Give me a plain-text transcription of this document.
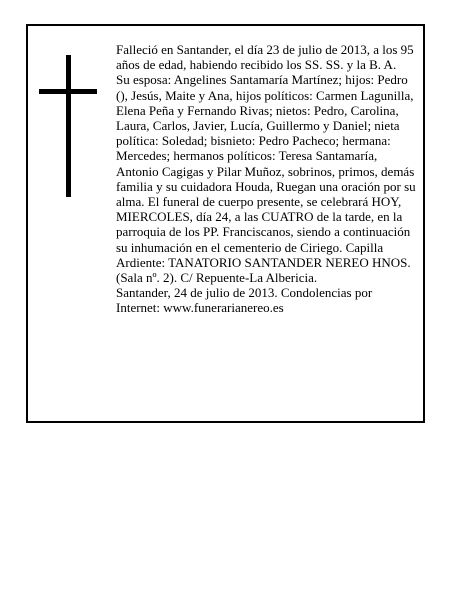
Falleció en Santander, el día 23 de julio de 2013, a los 95 años de edad, habiendo recibido los SS. SS. y la B. A.

Su esposa: Angelines Santamaría Martínez; hijos: Pedro (), Jesús, Maite y Ana, hijos políticos: Carmen Lagunilla, Elena Peña y Fernando Rivas; nietos: Pedro, Carolina, Laura, Carlos, Javier, Lucía, Guillermo y Daniel; nieta política: Soledad; bisnieto: Pedro Pacheco; hermana: Mercedes; hermanos políticos: Teresa Santamaría, Antonio Cagigas y Pilar Muñoz, sobrinos, primos, demás familia y su cuidadora Houda, Ruegan una oración por su alma. El funeral de cuerpo presente, se celebrará HOY, MIERCOLES, día 24, a las CUATRO de la tarde, en la parroquia de los PP. Franciscanos, siendo a continuación su inhumación en el cementerio de Ciriego. Capilla Ardiente: TANATORIO SANTANDER NEREO HNOS. (Sala nº. 2). C/ Repuente-La Albericia.

Santander, 24 de julio de 2013. Condolencias por Internet: www.funerarianereo.es
